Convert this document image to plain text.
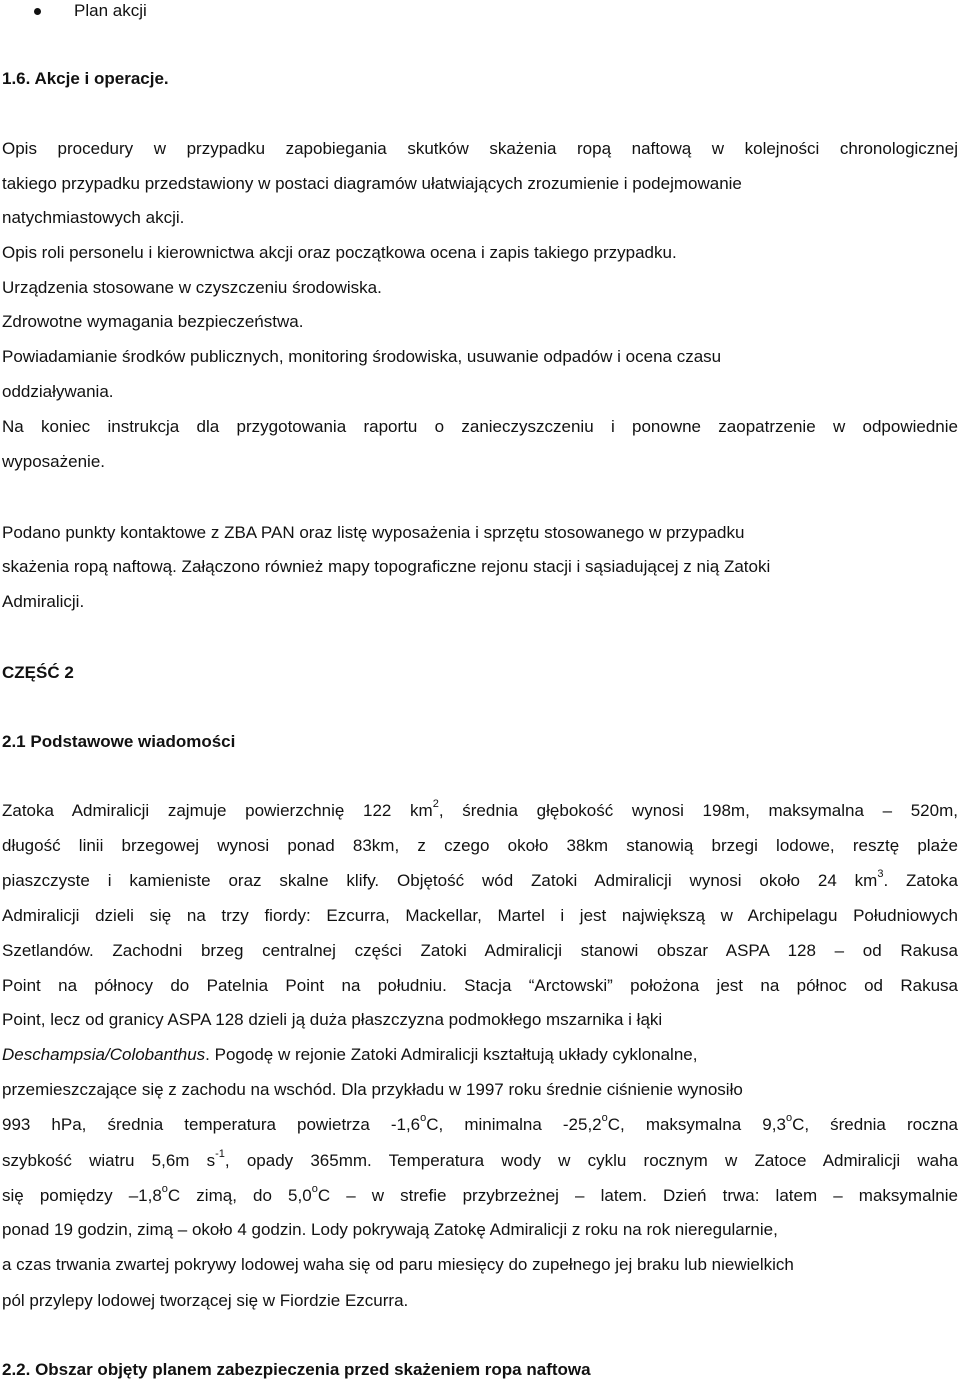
Plan akcji
1.6. Akcje i operacje.
Opis procedury w przypadku zapobiegania skutków skażenia ropą naftową w kolejności chronologicznej
takiego przypadku przedstawiony w postaci diagramów ułatwiających zrozumienie i podejmowanie
natychmiastowych akcji.
Opis roli personelu i kierownictwa akcji oraz początkowa ocena i zapis takiego przypadku.
Urządzenia stosowane w czyszczeniu środowiska.
Zdrowotne wymagania bezpieczeństwa.
Powiadamianie środków publicznych, monitoring środowiska, usuwanie odpadów i ocena czasu
oddziaływania.
Na koniec instrukcja dla przygotowania raportu o zanieczyszczeniu i ponowne zaopatrzenie w odpowiednie
wyposażenie.
Podano punkty kontaktowe z ZBA PAN oraz listę wyposażenia i sprzętu stosowanego w przypadku
skażenia ropą naftową. Załączono również mapy topograficzne rejonu stacji i sąsiadującej z nią Zatoki
Admiralicji.
CZĘŚĆ 2
2.1 Podstawowe wiadomości
Zatoka Admiralicji zajmuje powierzchnię 122 $km^2$, średnia głębokość wynosi 198m, maksymalna – 520m,
długość linii brzegowej wynosi ponad 83km, z czego około 38km stanowią brzegi lodowe, resztę plaże
piaszczyste i kamieniste oraz skalne klify. Objętość wód Zatoki Admiralicji wynosi około 24 $km^3$. Zatoka
Admiralicji dzieli się na trzy fiordy: Ezcurra, Mackellar, Martel i jest największą w Archipelagu Południowych
Szetlandów. Zachodni brzeg centralnej części Zatoki Admiralicji stanowi obszar ASPA 128 – od Rakusa
Point na północy do Patelnia Point na południu. Stacja “Arctowski” położona jest na północ od Rakusa
Point, lecz od granicy ASPA 128 dzieli ją duża płaszczyzna podmokłego mszarnika i łąki
Deschampsia/Colobanthus. Pogodę w rejonie Zatoki Admiralicji kształtują układy cyklonalne,
przemieszczające się z zachodu na wschód. Dla przykładu w 1997 roku średnie ciśnienie wynosiło
993 hPa, średnia temperatura powietrza -1,6$^o$C, minimalna -25,2$^o$C, maksymalna 9,3$^o$C, średnia roczna
szybkość wiatru 5,6m $s^{-1}$, opady 365mm. Temperatura wody w cyklu rocznym w Zatoce Admiralicji waha
się pomiędzy –1,8$^o$C zimą, do 5,0$^o$C – w strefie przybrzeżnej – latem. Dzień trwa: latem – maksymalnie
ponad 19 godzin, zimą – około 4 godzin. Lody pokrywają Zatokę Admiralicji z roku na rok nieregularnie,
a czas trwania zwartej pokrywy lodowej waha się od paru miesięcy do zupełnego jej braku lub niewielkich
pól przylepy lodowej tworzącej się w Fiordzie Ezcurra.
2.2. Obszar objęty planem zabezpieczenia przed skażeniem ropa naftowa
